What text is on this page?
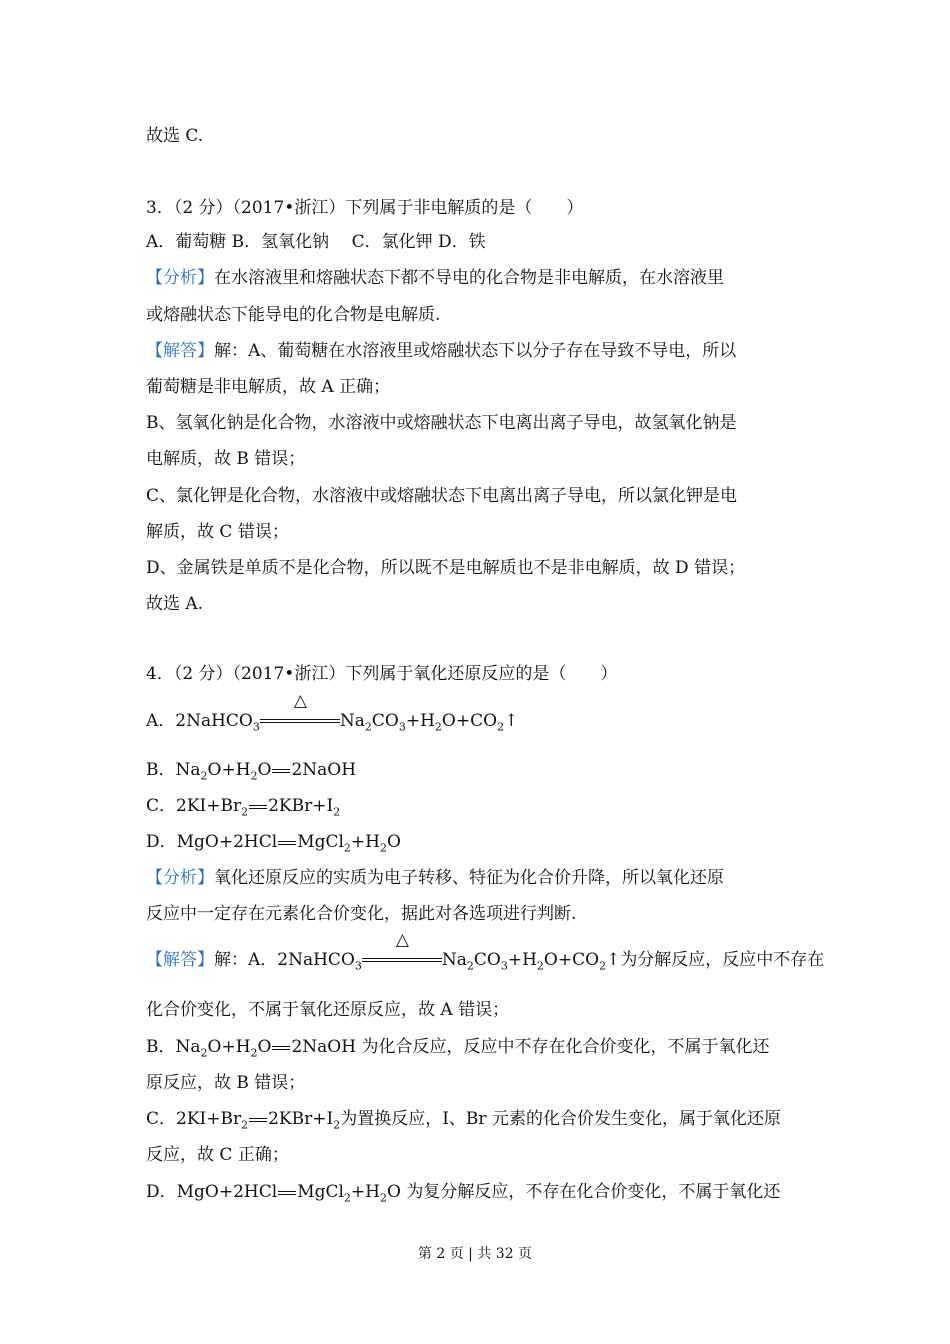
故选 C.
3．（2 分）（2017•浙江）下列属于非电解质的是（　　）
A．葡萄糖 B．氢氧化钠 　C．氯化钾 D．铁
【分析】在水溶液里和熔融状态下都不导电的化合物是非电解质，在水溶液里
或熔融状态下能导电的化合物是电解质.
【解答】解：A、葡萄糖在水溶液里或熔融状态下以分子存在导致不导电，所以
葡萄糖是非电解质，故 A 正确；
B、氢氧化钠是化合物，水溶液中或熔融状态下电离出离子导电，故氢氧化钠是
电解质，故 B 错误；
C、氯化钾是化合物，水溶液中或熔融状态下电离出离子导电，所以氯化钾是电
解质，故 C 错误；
D、金属铁是单质不是化合物，所以既不是电解质也不是非电解质，故 D 错误；
故选 A.
4．（2 分）（2017•浙江）下列属于氧化还原反应的是（　　）
A．2NaHCO$_3$
△
$Na_2CO_3+H_2O+CO_2↑$
B．$Na_2O+H_2O$ 2NaOH
C．$2KI+Br_2$ $2KBr+I_2$
D．MgO+2HCl $MgCl_2+H_2O$
【分析】氧化还原反应的实质为电子转移、特征为化合价升降，所以氧化还原
反应中一定存在元素化合价变化，据此对各选项进行判断.
【解答】解：A．2NaHCO$_3$
△
$Na_2CO_3+H_2O+CO_2↑$为分解反应，反应中不存在
化合价变化，不属于氧化还原反应，故 A 错误；
B．$Na_2O+H_2O$ 2NaOH 为化合反应，反应中不存在化合价变化，不属于氧化还
原反应，故 B 错误；
C．$2KI+Br_2$ $2KBr+I_2$为置换反应，I、Br 元素的化合价发生变化，属于氧化还原
反应，故 C 正确；
D．MgO+2HCl $MgCl_2+H_2O$ 为复分解反应，不存在化合价变化，不属于氧化还
第 2 页 | 共 32 页
